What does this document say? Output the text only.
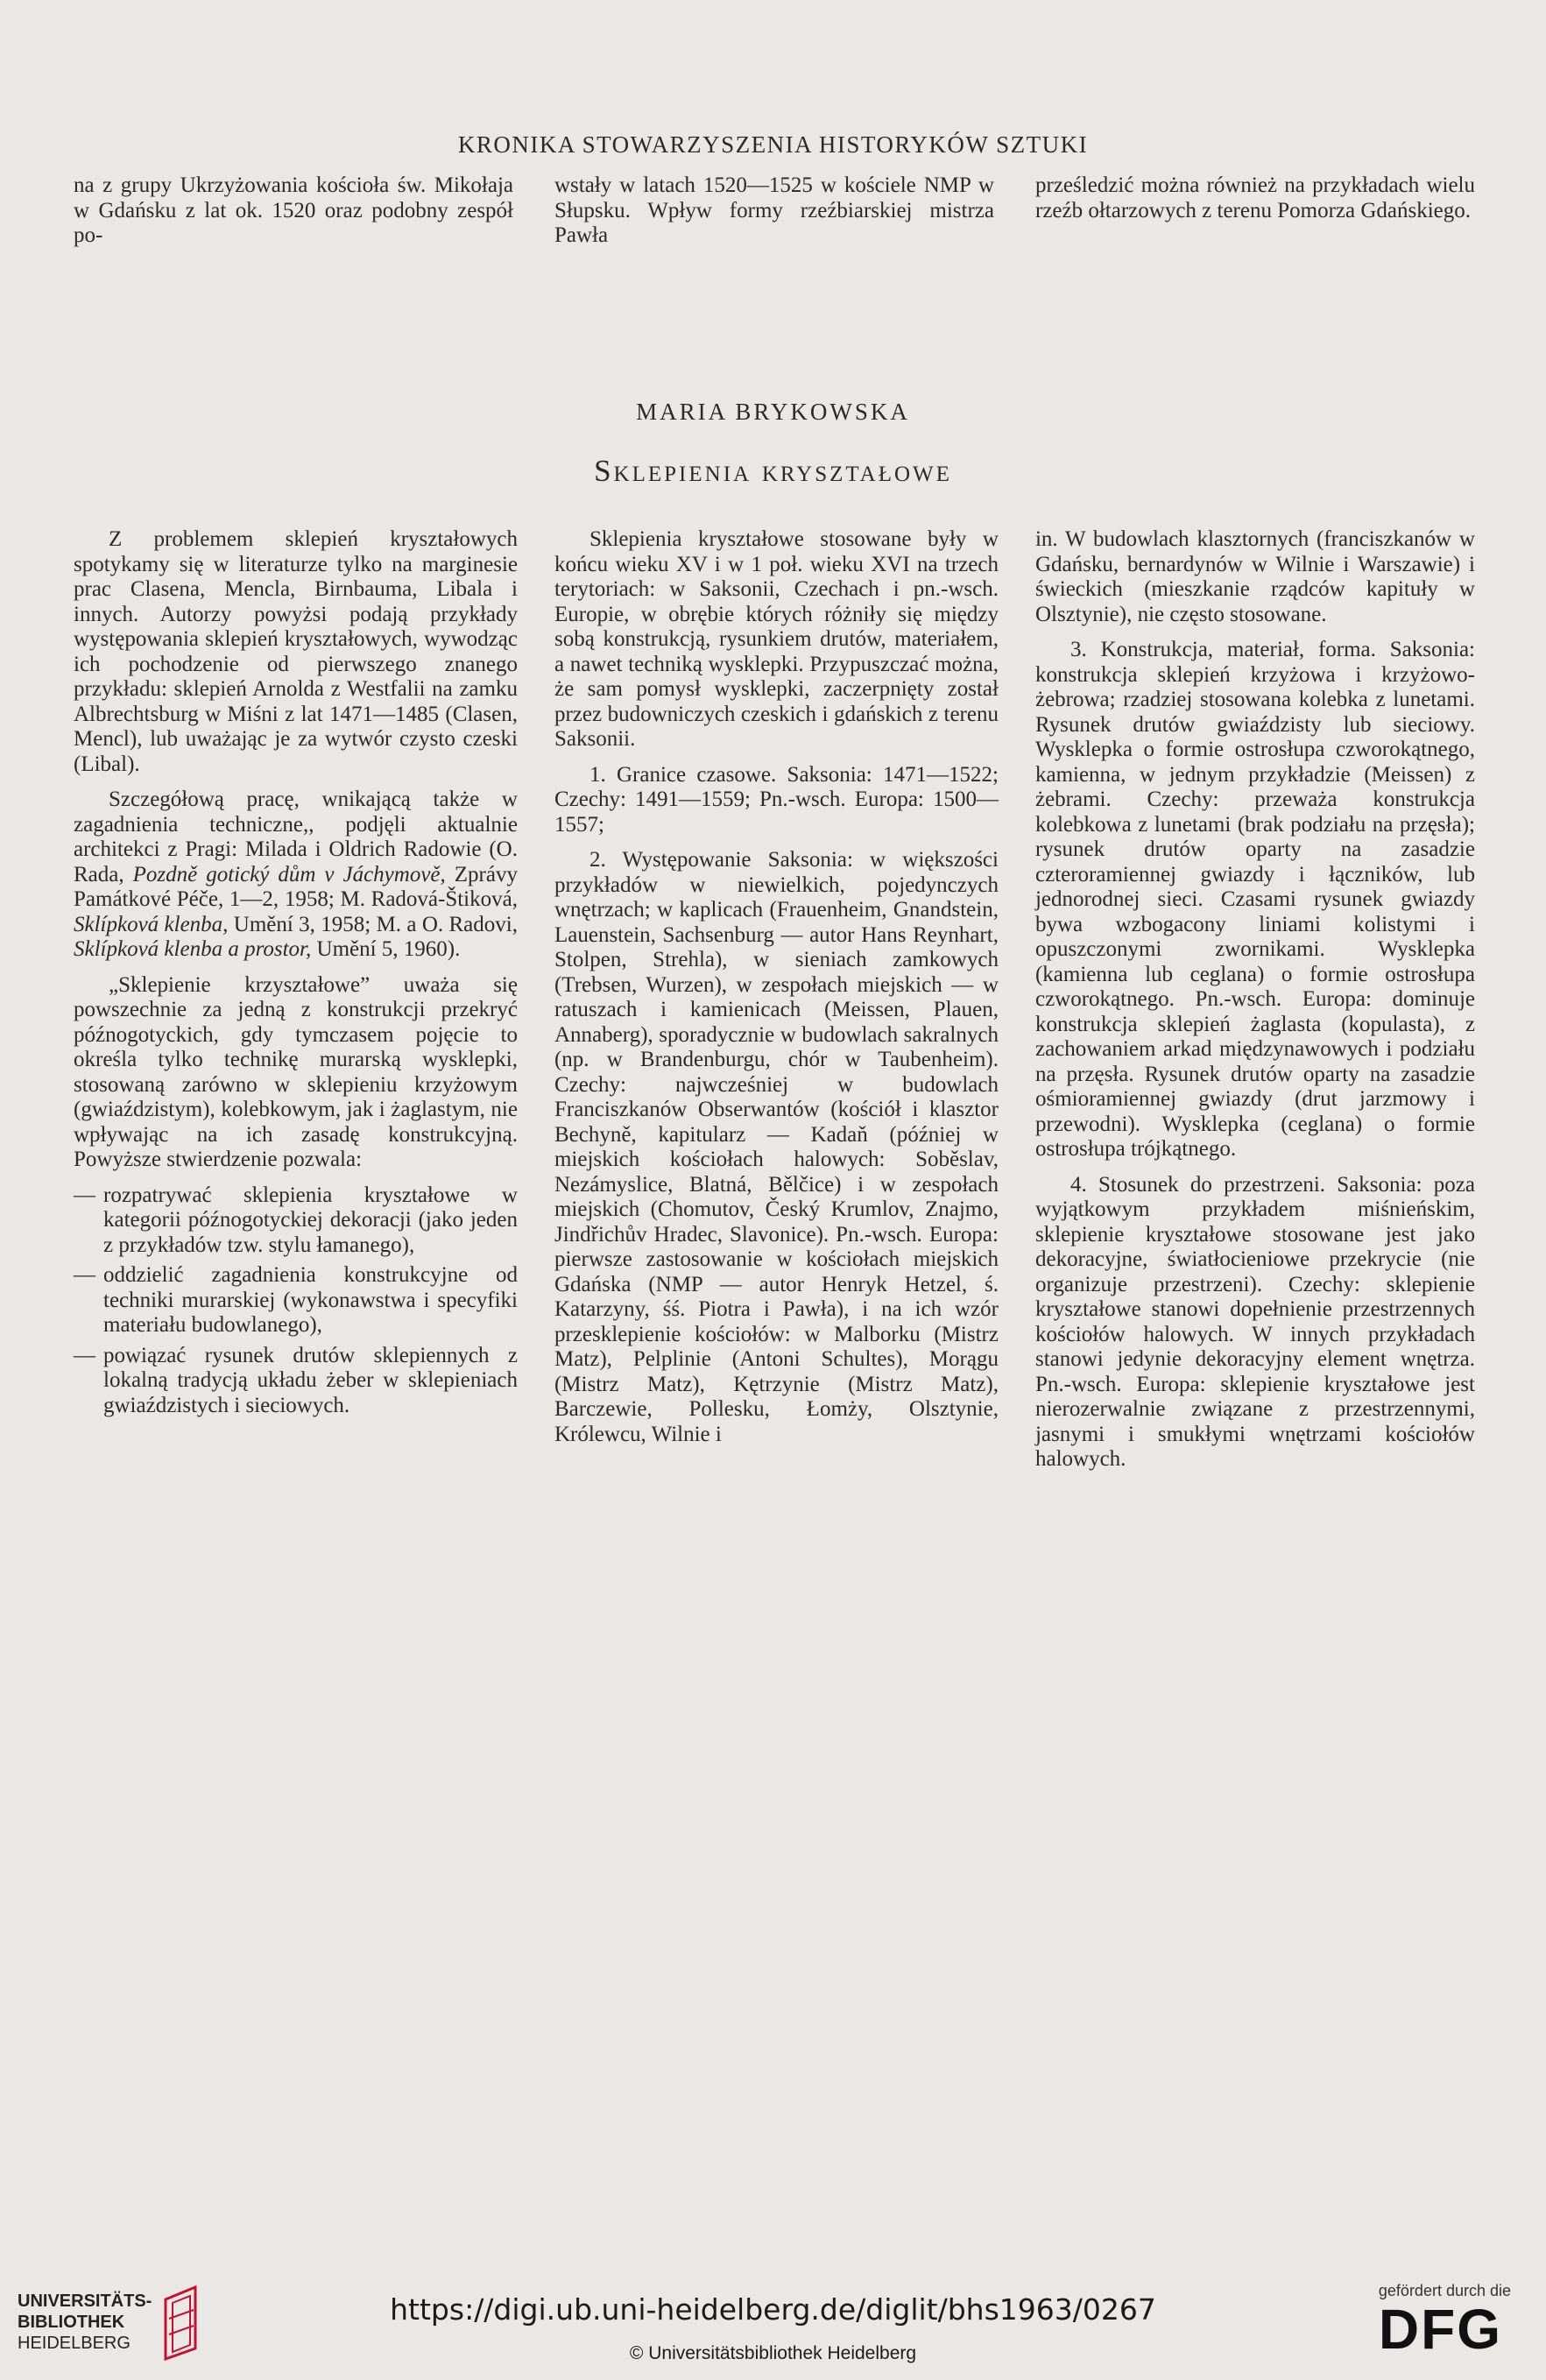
KRONIKA STOWARZYSZENIA HISTORYKÓW SZTUKI
na z grupy Ukrzyżowania kościoła św. Mikołaja w Gdańsku z lat ok. 1520 oraz podobny zespół po-
wstały w latach 1520—1525 w kościele NMP w Słupsku. Wpływ formy rzeźbiarskiej mistrza Pawła
prześledzić można również na przykładach wielu rzeźb ołtarzowych z terenu Pomorza Gdańskiego.
MARIA BRYKOWSKA
Sklepienia kryształowe

Z problemem sklepień kryształowych spotykamy się w literaturze tylko na marginesie prac Clasena, Mencla, Birnbauma, Libala i innych. Autorzy powyżsi podają przykłady występowania sklepień kryształowych, wywodząc ich pochodzenie od pierwszego znanego przykładu: sklepień Arnolda z Westfalii na zamku Albrechtsburg w Miśni z lat 1471—1485 (Clasen, Mencl), lub uważając je za wytwór czysto czeski (Libal).

Szczegółową pracę, wnikającą także w zagadnienia techniczne,, podjęli aktualnie architekci z Pragi: Milada i Oldrich Radowie (O. Rada, Pozdně gotický dům v Jáchymově, Zprávy Památkové Péče, 1—2, 1958; M. Radová-Štiková, Sklípková klenba, Umění 3, 1958; M. a O. Radovi, Sklípková klenba a prostor, Umění 5, 1960).

„Sklepienie krzyształowe” uważa się powszechnie za jedną z konstrukcji przekryć późnogotyckich, gdy tymczasem pojęcie to określa tylko technikę murarską wysklepki, stosowaną zarówno w sklepieniu krzyżowym (gwiaździstym), kolebkowym, jak i żaglastym, nie wpływając na ich zasadę konstrukcyjną. Powyższe stwierdzenie pozwala:

— rozpatrywać sklepienia kryształowe w kategorii późnogotyckiej dekoracji (jako jeden z przykładów tzw. stylu łamanego),
— oddzielić zagadnienia konstrukcyjne od techniki murarskiej (wykonawstwa i specyfiki materiału budowlanego),
— powiązać rysunek drutów sklepiennych z lokalną tradycją układu żeber w sklepieniach gwiaździstych i sieciowych.

Sklepienia kryształowe stosowane były w końcu wieku XV i w 1 poł. wieku XVI na trzech terytoriach: w Saksonii, Czechach i pn.-wsch. Europie, w obrębie których różniły się między sobą konstrukcją, rysunkiem drutów, materiałem, a nawet techniką wysklepki. Przypuszczać można, że sam pomysł wysklepki, zaczerpnięty został przez budowniczych czeskich i gdańskich z terenu Saksonii.

1. Granice czasowe. Saksonia: 1471—1522; Czechy: 1491—1559; Pn.-wsch. Europa: 1500—1557;

2. Występowanie Saksonia: w większości przykładów w niewielkich, pojedynczych wnętrzach; w kaplicach (Frauenheim, Gnandstein, Lauenstein, Sachsenburg — autor Hans Reynhart, Stolpen, Strehla), w sieniach zamkowych (Trebsen, Wurzen), w zespołach miejskich — w ratuszach i kamienicach (Meissen, Plauen, Annaberg), sporadycznie w budowlach sakralnych (np. w Brandenburgu, chór w Taubenheim). Czechy: najwcześniej w budowlach Franciszkanów Obserwantów (kościół i klasztor Bechyně, kapitularz — Kadaň (później w miejskich kościołach halowych: Soběslav, Nezámyslice, Blatná, Bělčice) i w zespołach miejskich (Chomutov, Český Krumlov, Znajmo, Jindřichův Hradec, Slavonice). Pn.-wsch. Europa: pierwsze zastosowanie w kościołach miejskich Gdańska (NMP — autor Henryk Hetzel, ś. Katarzyny, śś. Piotra i Pawła), i na ich wzór przesklepienie kościołów: w Malborku (Mistrz Matz), Pelplinie (Antoni Schultes), Morągu (Mistrz Matz), Kętrzynie (Mistrz Matz), Barczewie, Pollesku, Łomży, Olsztynie, Królewcu, Wilnie i

in. W budowlach klasztornych (franciszkanów w Gdańsku, bernardynów w Wilnie i Warszawie) i świeckich (mieszkanie rządców kapituły w Olsztynie), nie często stosowane.

3. Konstrukcja, materiał, forma. Saksonia: konstrukcja sklepień krzyżowa i krzyżowo-żebrowa; rzadziej stosowana kolebka z lunetami. Rysunek drutów gwiaździsty lub sieciowy. Wysklepka o formie ostrosłupa czworokątnego, kamienna, w jednym przykładzie (Meissen) z żebrami. Czechy: przeważa konstrukcja kolebkowa z lunetami (brak podziału na przęsła); rysunek drutów oparty na zasadzie czteroramiennej gwiazdy i łączników, lub jednorodnej sieci. Czasami rysunek gwiazdy bywa wzbogacony liniami kolistymi i opuszczonymi zwornikami. Wysklepka (kamienna lub ceglana) o formie ostrosłupa czworokątnego. Pn.-wsch. Europa: dominuje konstrukcja sklepień żaglasta (kopulasta), z zachowaniem arkad międzynawowych i podziału na przęsła. Rysunek drutów oparty na zasadzie ośmioramiennej gwiazdy (drut jarzmowy i przewodni). Wysklepka (ceglana) o formie ostrosłupa trójkątnego.

4. Stosunek do przestrzeni. Saksonia: poza wyjątkowym przykładem miśnieńskim, sklepienie kryształowe stosowane jest jako dekoracyjne, światłocieniowe przekrycie (nie organizuje przestrzeni). Czechy: sklepienie kryształowe stanowi dopełnienie przestrzennych kościołów halowych. W innych przykładach stanowi jedynie dekoracyjny element wnętrza. Pn.-wsch. Europa: sklepienie kryształowe jest nierozerwalnie związane z przestrzennymi, jasnymi i smukłymi wnętrzami kościołów halowych.

UNIVERSITÄTS-
BIBLIOTHEK
HEIDELBERG
https://digi.ub.uni-heidelberg.de/diglit/bhs1963/0267
© Universitätsbibliothek Heidelberg
gefördert durch die
DFG
